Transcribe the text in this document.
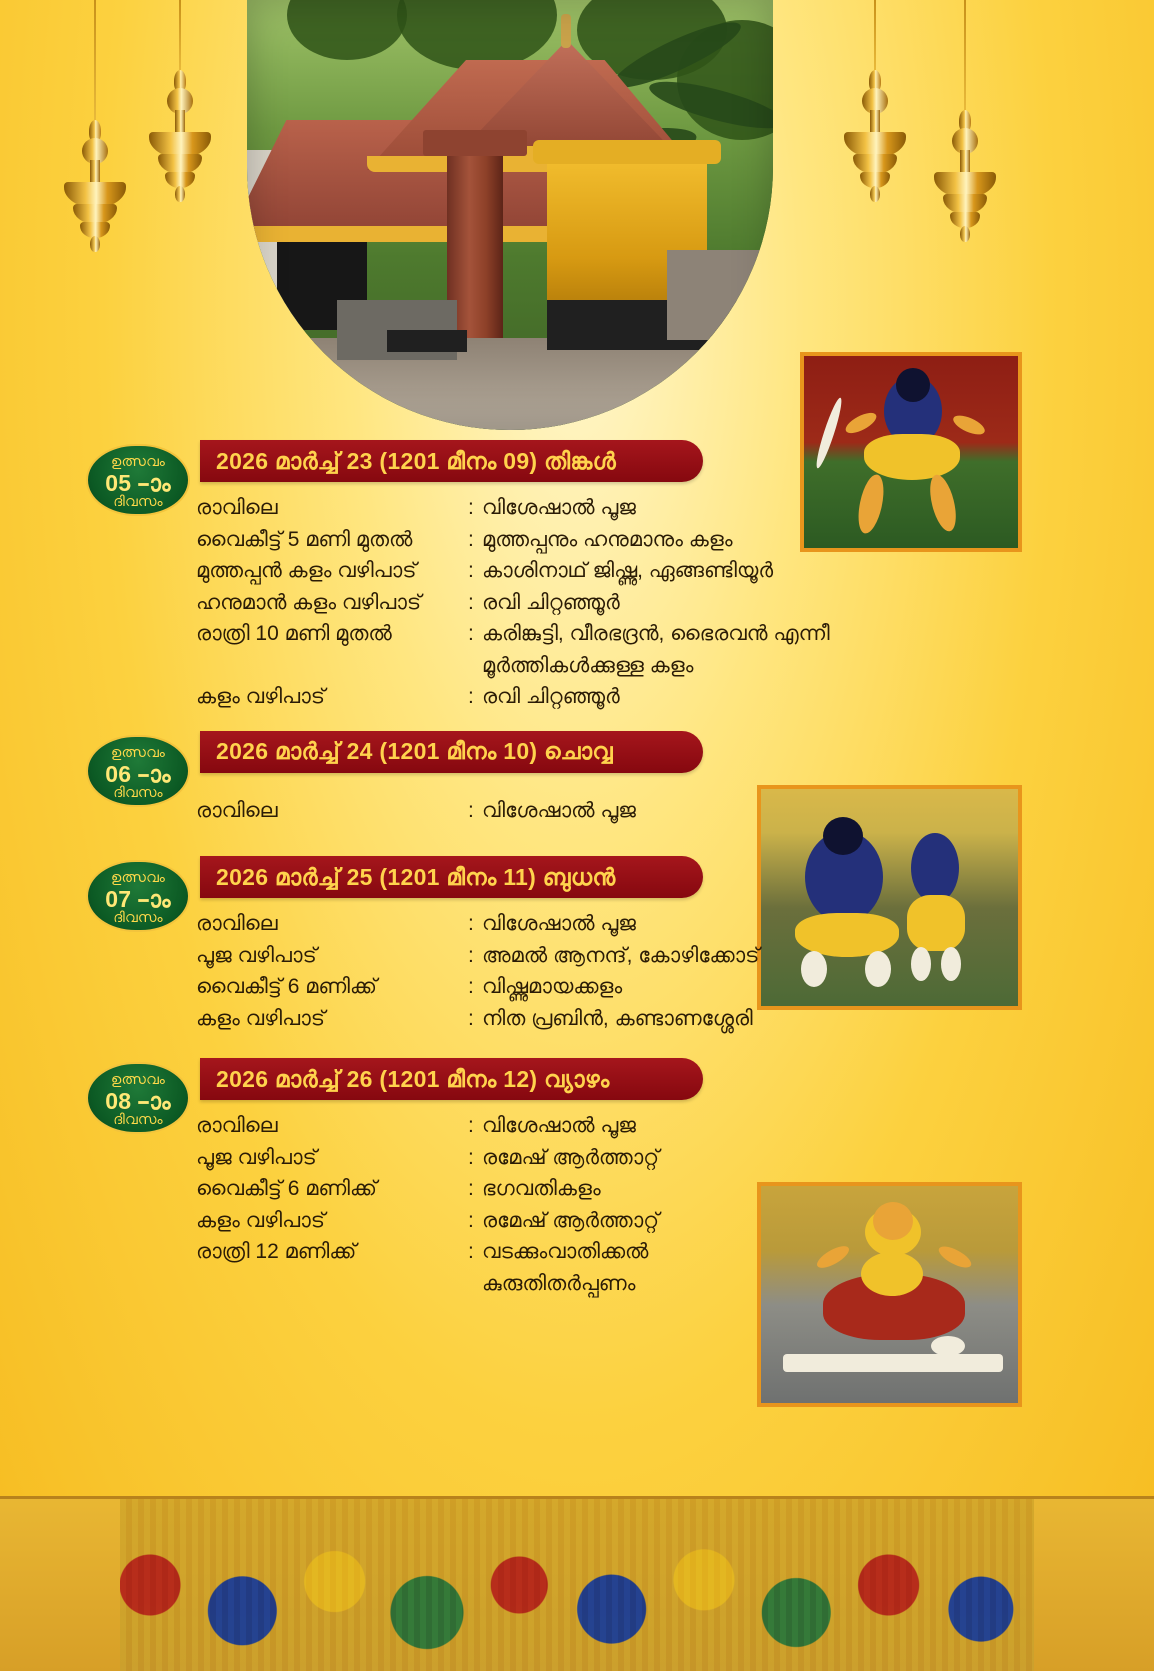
ഉത്സവം
05 –ാം
ദിവസം
2026 മാർച്ച് 23 (1201 മീനം 09) തിങ്കൾ
രാവിലെ	: വിശേഷാൽ പൂജ
വൈകീട്ട് 5 മണി മുതൽ	: മുത്തപ്പനും ഹനുമാനും കളം
മുത്തപ്പൻ കളം വഴിപാട്	: കാശിനാഥ് ജിഷ്ണു, ഏങ്ങണ്ടിയൂർ
ഹനുമാൻ കളം വഴിപാട്	: രവി ചിറ്റഞ്ഞൂർ
രാത്രി 10 മണി മുതൽ	: കരിങ്കുട്ടി, വീരഭദ്രൻ, ഭൈരവൻ എന്നീ
മൂർത്തികൾക്കുള്ള കളം
കളം വഴിപാട്	: രവി ചിറ്റഞ്ഞൂർ
ഉത്സവം
06 –ാം
ദിവസം
2026 മാർച്ച് 24 (1201 മീനം 10) ചൊവ്വ
രാവിലെ	: വിശേഷാൽ പൂജ
ഉത്സവം
07 –ാം
ദിവസം
2026 മാർച്ച് 25 (1201 മീനം 11) ബുധൻ
രാവിലെ	: വിശേഷാൽ പൂജ
പൂജ വഴിപാട്	: അമൽ ആനന്ദ്, കോഴിക്കോട്
വൈകീട്ട് 6 മണിക്ക്	: വിഷ്ണുമായക്കളം
കളം വഴിപാട്	: നിത പ്രബിൻ, കണ്ടാണശ്ശേരി
ഉത്സവം
08 –ാം
ദിവസം
2026 മാർച്ച് 26 (1201 മീനം 12) വ്യാഴം
രാവിലെ	: വിശേഷാൽ പൂജ
പൂജ വഴിപാട്	: രമേഷ് ആർത്താറ്റ്
വൈകീട്ട് 6 മണിക്ക്	: ഭഗവതികളം
കളം വഴിപാട്	: രമേഷ് ആർത്താറ്റ്
രാത്രി 12 മണിക്ക്	: വടക്കുംവാതിക്കൽ
കുരുതിതർപ്പണം
